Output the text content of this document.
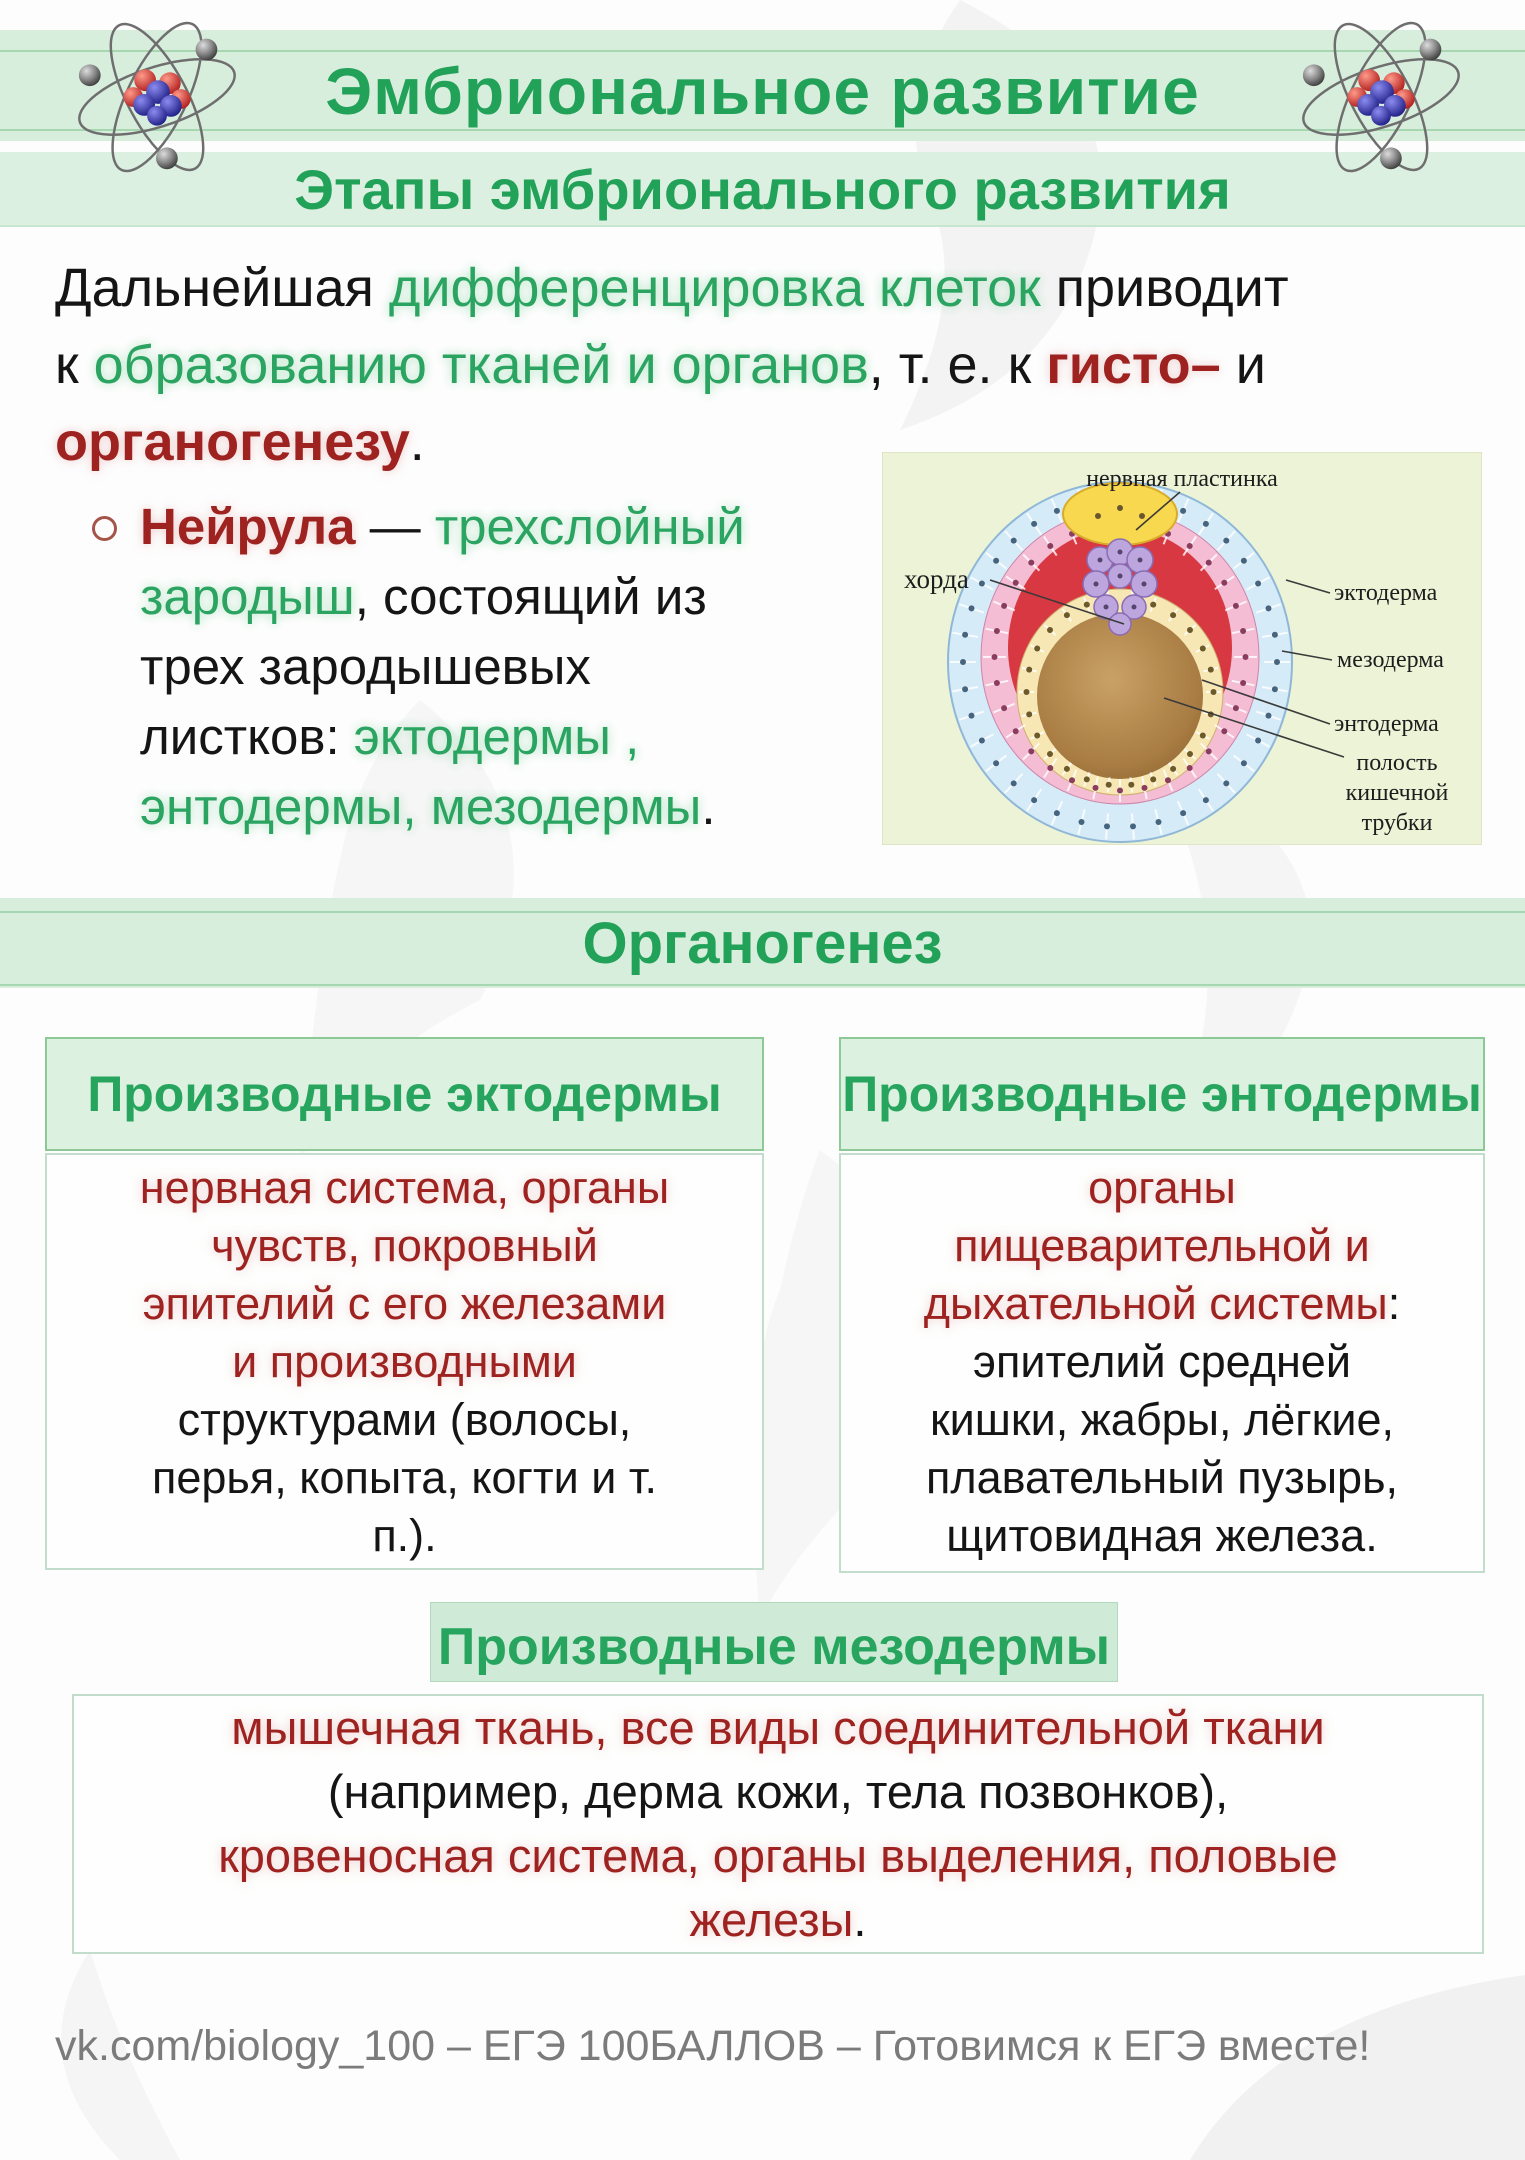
Эмбриональное развитие
Этапы эмбрионального развития
Дальнейшая дифференцировка клеток приводит
к образованию тканей и органов, т. е. к гисто– и
органогенезу.
Нейрула — трехслойный
зародыш, состоящий из
трех зародышевых
листков: эктодермы ,
энтодермы, мезодермы.
нервная пластинка
хорда	эктодерма
мезодерма
энтодерма
полость
кишечной
трубки
Органогенез
Производные эктодермы
нервная система, органы
чувств, покровный
эпителий с его железами
и производными
структурами (волосы,
перья, копыта, когти и т.
п.).
Производные энтодермы
органы
пищеварительной и
дыхательной системы:
эпителий средней
кишки, жабры, лёгкие,
плавательный пузырь,
щитовидная железа.
Производные мезодермы
мышечная ткань, все виды соединительной ткани
(например, дерма кожи, тела позвонков),
кровеносная система, органы выделения, половые
железы.
vk.com/biology_100 – ЕГЭ 100БАЛЛОВ – Готовимся к ЕГЭ вместе!
